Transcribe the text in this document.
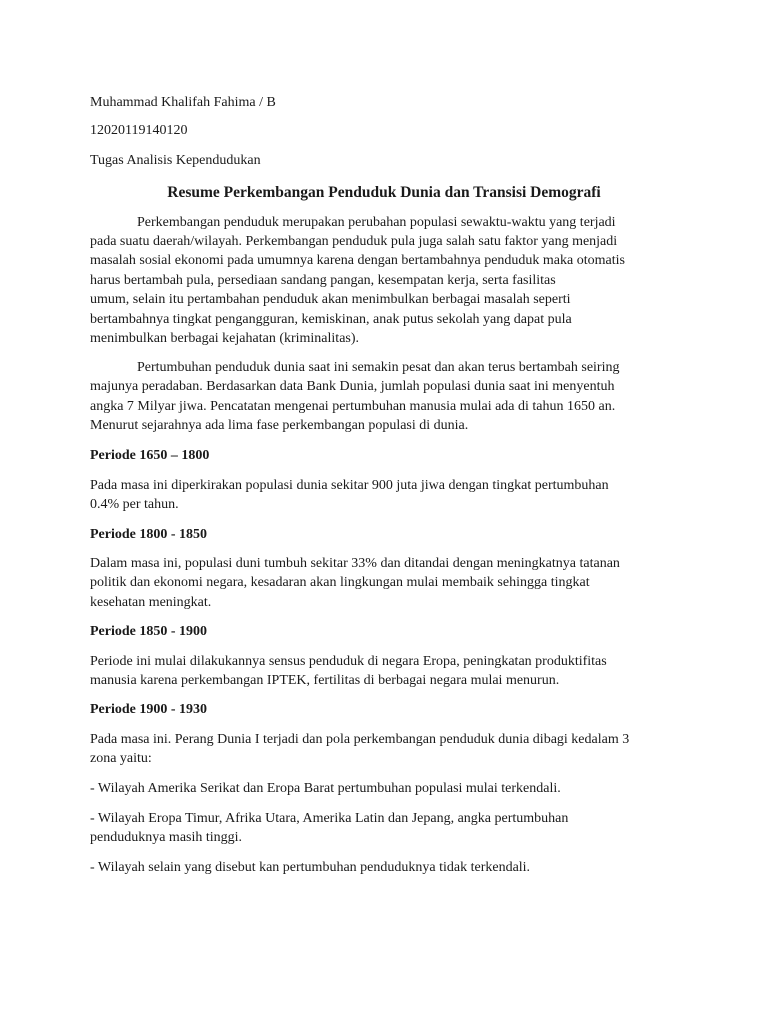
Muhammad Khalifah Fahima / B
12020119140120
Tugas Analisis Kependudukan
Resume Perkembangan Penduduk Dunia dan Transisi Demografi
Perkembangan penduduk merupakan perubahan populasi sewaktu-waktu yang terjadi
pada suatu daerah/wilayah. Perkembangan penduduk pula juga salah satu faktor yang menjadi
masalah sosial ekonomi pada umumnya karena dengan bertambahnya penduduk maka otomatis
harus bertambah pula, persediaan sandang pangan, kesempatan kerja, serta fasilitas
umum, selain itu pertambahan penduduk akan menimbulkan berbagai masalah seperti
bertambahnya tingkat pengangguran, kemiskinan, anak putus sekolah yang dapat pula
menimbulkan berbagai kejahatan (kriminalitas).
Pertumbuhan penduduk dunia saat ini semakin pesat dan akan terus bertambah seiring
majunya peradaban. Berdasarkan data Bank Dunia, jumlah populasi dunia saat ini menyentuh
angka 7 Milyar jiwa. Pencatatan mengenai pertumbuhan manusia mulai ada di tahun 1650 an.
Menurut sejarahnya ada lima fase perkembangan populasi di dunia.
Periode 1650 – 1800
Pada masa ini diperkirakan populasi dunia sekitar 900 juta jiwa dengan tingkat pertumbuhan
0.4% per tahun.
Periode 1800 - 1850
Dalam masa ini, populasi duni tumbuh sekitar 33% dan ditandai dengan meningkatnya tatanan
politik dan ekonomi negara, kesadaran akan lingkungan mulai membaik sehingga tingkat
kesehatan meningkat.
Periode 1850 - 1900
Periode ini mulai dilakukannya sensus penduduk di negara Eropa, peningkatan produktifitas
manusia karena perkembangan IPTEK, fertilitas di berbagai negara mulai menurun.
Periode 1900 - 1930
Pada masa ini. Perang Dunia I terjadi dan pola perkembangan penduduk dunia dibagi kedalam 3
zona yaitu:
- Wilayah Amerika Serikat dan Eropa Barat pertumbuhan populasi mulai terkendali.
- Wilayah Eropa Timur, Afrika Utara, Amerika Latin dan Jepang, angka pertumbuhan
penduduknya masih tinggi.
- Wilayah selain yang disebut kan pertumbuhan penduduknya tidak terkendali.
